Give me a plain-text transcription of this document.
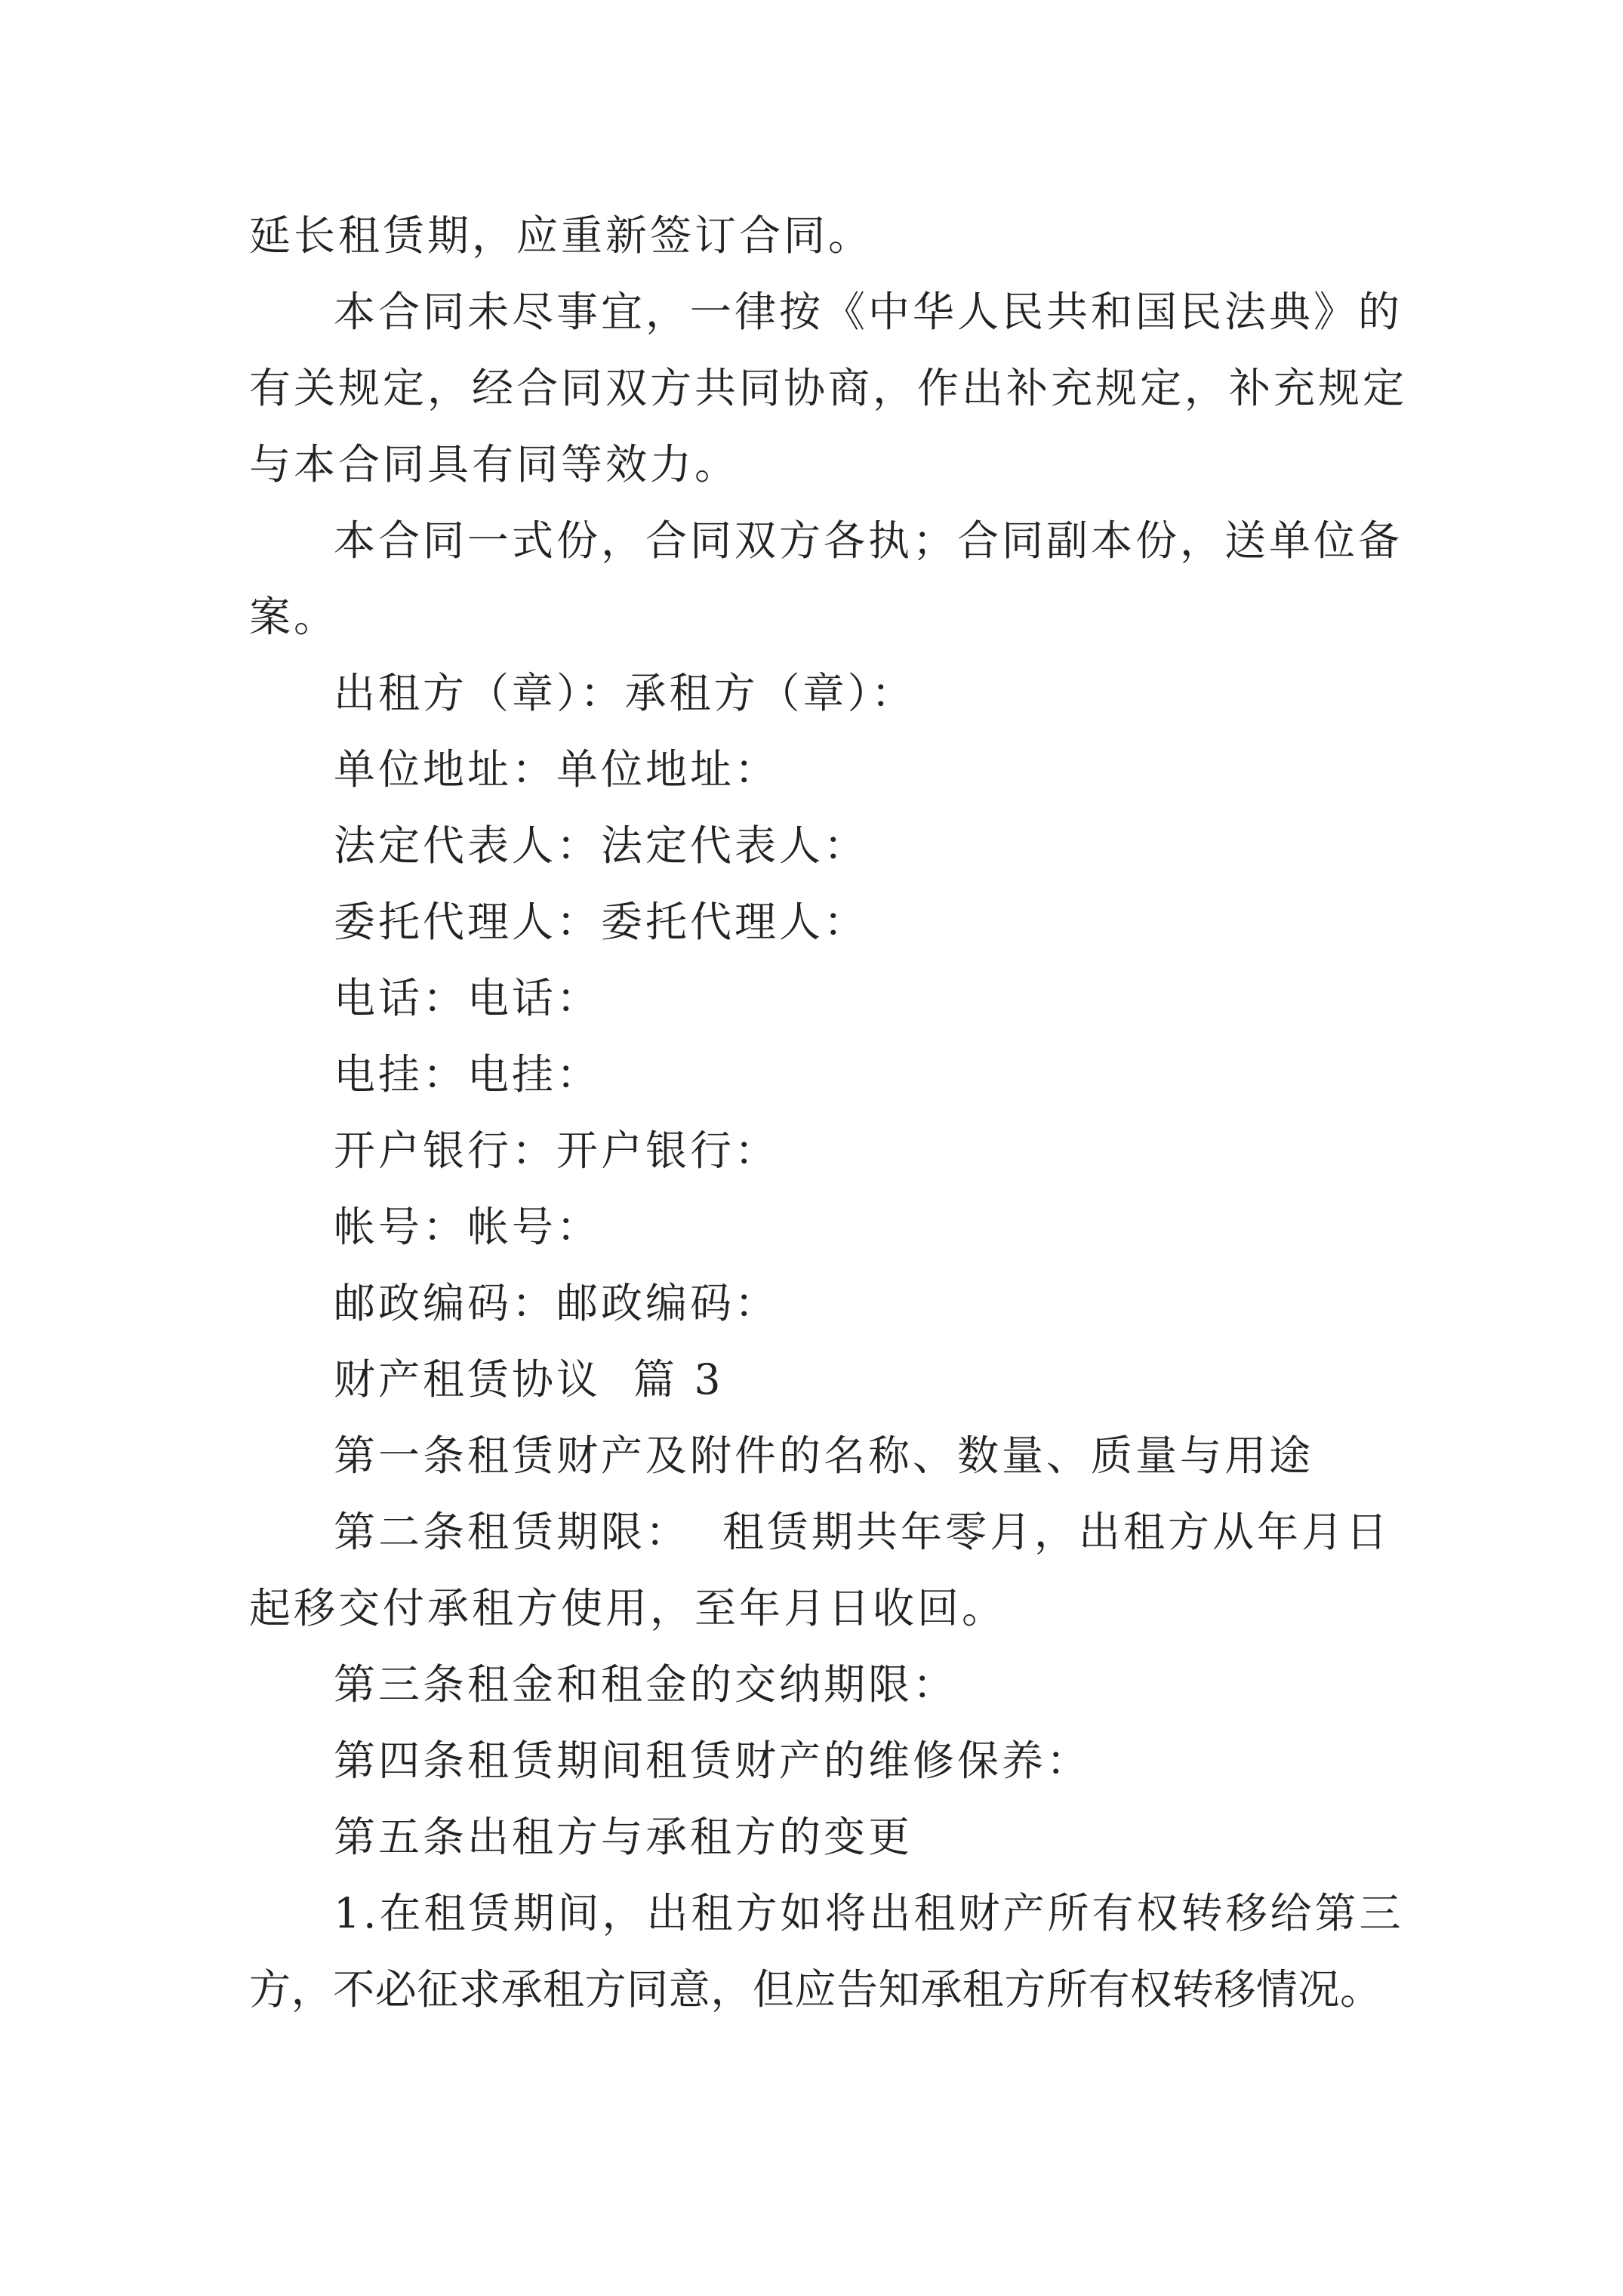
延长租赁期，应重新签订合同。

本合同未尽事宜，一律按《中华人民共和国民法典》的
有关规定，经合同双方共同协商，作出补充规定，补充规定
与本合同具有同等效力。

本合同一式份，合同双方各执；合同副本份，送单位备
案。

出租方（章）：承租方（章）：

单位地址：单位地址：

法定代表人：法定代表人：

委托代理人：委托代理人：

电话：电话：

电挂：电挂：

开户银行：开户银行：

帐号：帐号：

邮政编码：邮政编码：

财产租赁协议  篇 3

第一条租赁财产及附件的名称、数量、质量与用途

第二条租赁期限：  租赁期共年零月，出租方从年月日
起移交付承租方使用，至年月日收回。

第三条租金和租金的交纳期限：

第四条租赁期间租赁财产的维修保养：

第五条出租方与承租方的变更

1.在租赁期间，出租方如将出租财产所有权转移给第三
方，不必征求承租方同意，但应告知承租方所有权转移情况。
